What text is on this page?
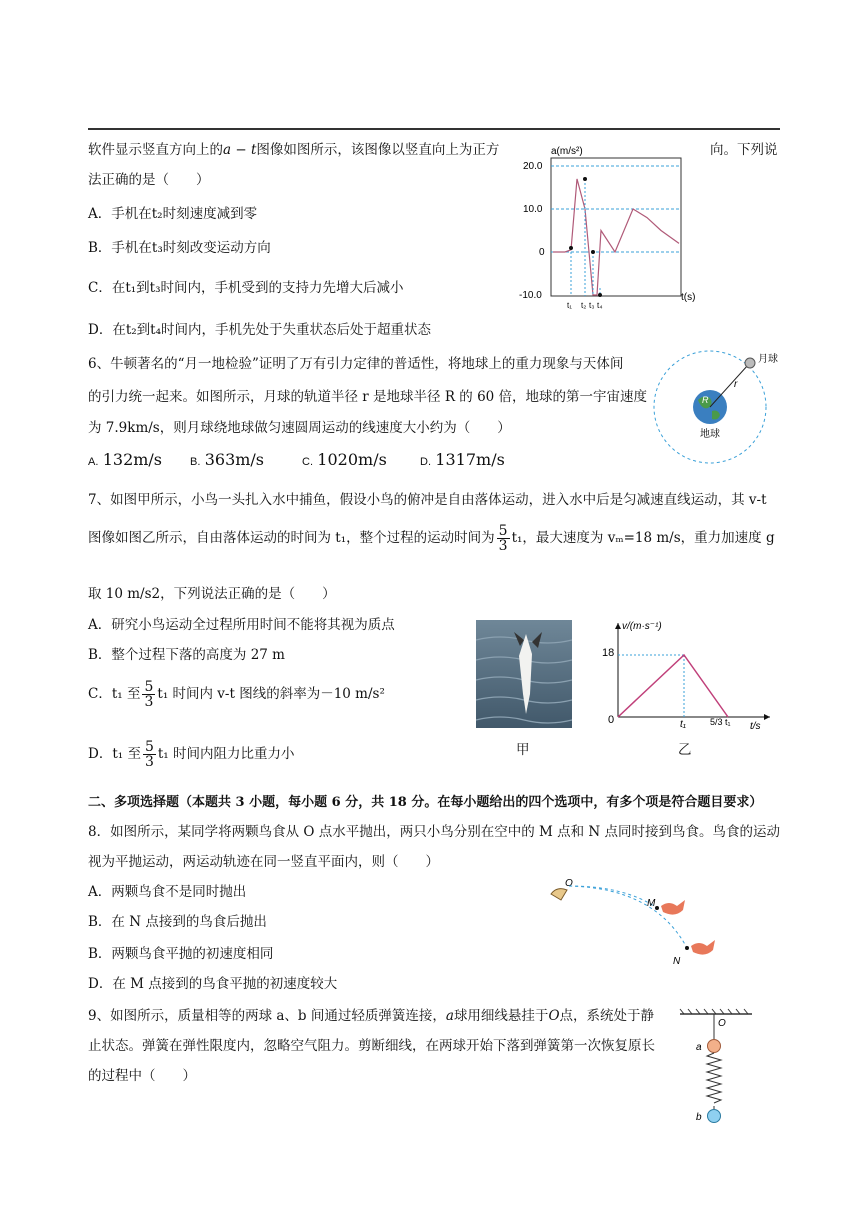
软件显示竖直方向上的a − t图像如图所示，该图像以竖直向上为正方	向。下列说
法正确的是（　　）
A．手机在t₂时刻速度减到零
B．手机在t₃时刻改变运动方向
C．在t₁到t₃时间内，手机受到的支持力先增大后减小
D．在t₂到t₄时间内，手机先处于失重状态后处于超重状态
a(m/s²)
20.0
10.0
0
-10.0
t₁ t₂ t₃ t₄
t(s)
6、牛顿著名的“月一地检验”证明了万有引力定律的普适性，将地球上的重力现象与天体间
的引力统一起来。如图所示，月球的轨道半径 r 是地球半径 R 的 60 倍，地球的第一宇宙速度
为 7.9km/s，则月球绕地球做匀速圆周运动的线速度大小约为（　　）
A. 132m/s	B. 363m/s	C. 1020m/s	D. 1317m/s
月球
r
R
地球
7、如图甲所示，小鸟一头扎入水中捕鱼，假设小鸟的俯冲是自由落体运动，进入水中后是匀减速直线运动，其 v-t
图像如图乙所示，自由落体运动的时间为 t₁，整个过程的运动时间为 $\frac{5}{3} t_1$，最大速度为 vₘ=18 m/s，重力加速度 g
取 10 m/s2，下列说法正确的是（　　）
A．研究小鸟运动全过程所用时间不能将其视为质点
B．整个过程下落的高度为 27 m
C．t₁ 至 $\frac{5}{3} t_1$ 时间内 v-t 图线的斜率为－10 m/s²
D．t₁ 至 $\frac{5}{3} t_1$ 时间内阻力比重力小	甲
v/(m·s⁻¹)
t/s
18
0	t₁	5/3 t₁
乙
二、多项选择题（本题共 3 小题，每小题 6 分，共 18 分。在每小题给出的四个选项中，有多个项是符合题目要求）
8．如图所示，某同学将两颗鸟食从 O 点水平抛出，两只小鸟分别在空中的 M 点和 N 点同时接到鸟食。鸟食的运动
视为平抛运动，两运动轨迹在同一竖直平面内，则（　　）
A．两颗鸟食不是同时抛出
B．在 N 点接到的鸟食后抛出
B．两颗鸟食平抛的初速度相同
D．在 M 点接到的鸟食平抛的初速度较大
O
M
N
9、如图所示，质量相等的两球 a、b 间通过轻质弹簧连接，a球用细线悬挂于O点，系统处于静
止状态。弹簧在弹性限度内，忽略空气阻力。剪断细线，在两球开始下落到弹簧第一次恢复原长
的过程中（　　）
O
a
b
